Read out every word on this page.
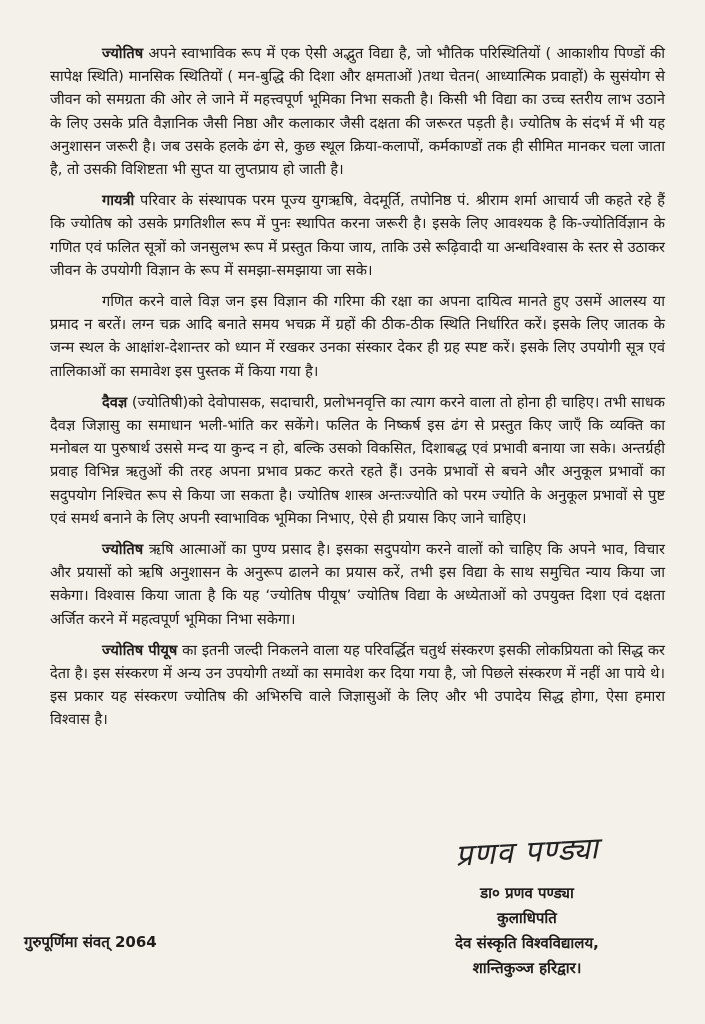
ज्योतिष अपने स्वाभाविक रूप में एक ऐसी अद्भुत विद्या है, जो भौतिक परिस्थितियों ( आकाशीय पिण्डों की सापेक्ष स्थिति) मानसिक स्थितियों ( मन-बुद्धि की दिशा और क्षमताओं )तथा चेतन( आध्यात्मिक प्रवाहों) के सुसंयोग से जीवन को समग्रता की ओर ले जाने में महत्त्वपूर्ण भूमिका निभा सकती है। किसी भी विद्या का उच्च स्तरीय लाभ उठाने के लिए उसके प्रति वैज्ञानिक जैसी निष्ठा और कलाकार जैसी दक्षता की जरूरत पड़ती है। ज्योतिष के संदर्भ में भी यह अनुशासन जरूरी है। जब उसके हलके ढंग से, कुछ स्थूल क्रिया-कलापों, कर्मकाण्डों तक ही सीमित मानकर चला जाता है, तो उसकी विशिष्टता भी सुप्त या लुप्तप्राय हो जाती है।

गायत्री परिवार के संस्थापक परम पूज्य युगऋषि, वेदमूर्ति, तपोनिष्ठ पं. श्रीराम शर्मा आचार्य जी कहते रहे हैं कि ज्योतिष को उसके प्रगतिशील रूप में पुनः स्थापित करना जरूरी है। इसके लिए आवश्यक है कि-ज्योतिर्विज्ञान के गणित एवं फलित सूत्रों को जनसुलभ रूप में प्रस्तुत किया जाय, ताकि उसे रूढ़िवादी या अन्धविश्वास के स्तर से उठाकर जीवन के उपयोगी विज्ञान के रूप में समझा-समझाया जा सके।

गणित करने वाले विज्ञ जन इस विज्ञान की गरिमा की रक्षा का अपना दायित्व मानते हुए उसमें आलस्य या प्रमाद न बरतें। लग्न चक्र आदि बनाते समय भचक्र में ग्रहों की ठीक-ठीक स्थिति निर्धारित करें। इसके लिए जातक के जन्म स्थल के आक्षांश-देशान्तर को ध्यान में रखकर उनका संस्कार देकर ही ग्रह स्पष्ट करें। इसके लिए उपयोगी सूत्र एवं तालिकाओं का समावेश इस पुस्तक में किया गया है।

दैवज्ञ (ज्योतिषी)को देवोपासक, सदाचारी, प्रलोभनवृत्ति का त्याग करने वाला तो होना ही चाहिए। तभी साधक दैवज्ञ जिज्ञासु का समाधान भली-भांति कर सकेंगे। फलित के निष्कर्ष इस ढंग से प्रस्तुत किए जाएँ कि व्यक्ति का मनोबल या पुरुषार्थ उससे मन्द या कुन्द न हो, बल्कि उसको विकसित, दिशाबद्ध एवं प्रभावी बनाया जा सके। अन्तर्ग्रही प्रवाह विभिन्न ऋतुओं की तरह अपना प्रभाव प्रकट करते रहते हैं। उनके प्रभावों से बचने और अनुकूल प्रभावों का सदुपयोग निश्चित रूप से किया जा सकता है। ज्योतिष शास्त्र अन्तःज्योति को परम ज्योति के अनुकूल प्रभावों से पुष्ट एवं समर्थ बनाने के लिए अपनी स्वाभाविक भूमिका निभाए, ऐसे ही प्रयास किए जाने चाहिए।

ज्योतिष ऋषि आत्माओं का पुण्य प्रसाद है। इसका सदुपयोग करने वालों को चाहिए कि अपने भाव, विचार और प्रयासों को ऋषि अनुशासन के अनुरूप ढालने का प्रयास करें, तभी इस विद्या के साथ समुचित न्याय किया जा सकेगा। विश्वास किया जाता है कि यह ‘ज्योतिष पीयूष’ ज्योतिष विद्या के अध्येताओं को उपयुक्त दिशा एवं दक्षता अर्जित करने में महत्वपूर्ण भूमिका निभा सकेगा।

ज्योतिष पीयूष का इतनी जल्दी निकलने वाला यह परिवर्द्धित चतुर्थ संस्करण इसकी लोकप्रियता को सिद्ध कर देता है। इस संस्करण में अन्य उन उपयोगी तथ्यों का समावेश कर दिया गया है, जो पिछले संस्करण में नहीं आ पाये थे। इस प्रकार यह संस्करण ज्योतिष की अभिरुचि वाले जिज्ञासुओं के लिए और भी उपादेय सिद्ध होगा, ऐसा हमारा विश्वास है।

प्रणव पण्ड्या
डा० प्रणव पण्ड्या
कुलाधिपति
देव संस्कृति विश्वविद्यालय,
शान्तिकुञ्ज हरिद्वार।
गुरुपूर्णिमा संवत् 2064
